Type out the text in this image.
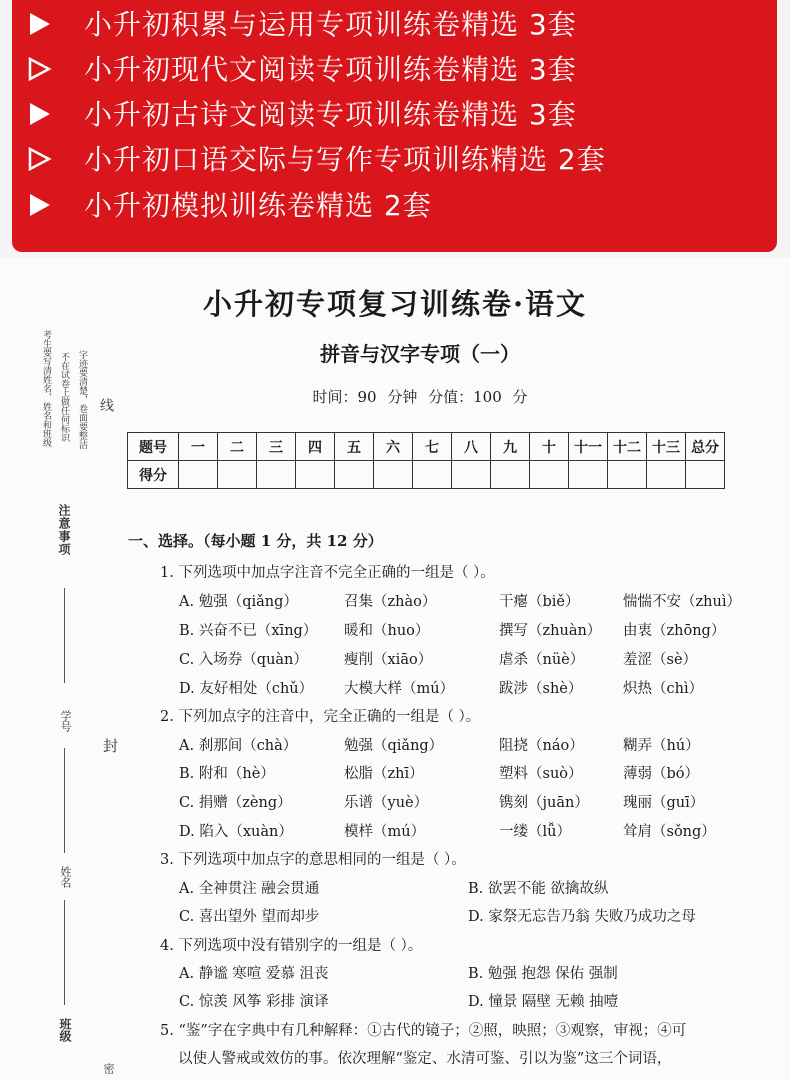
小升初积累与运用专项训练卷精选 3套
小升初现代文阅读专项训练卷精选 3套
小升初古诗文阅读专项训练卷精选 3套
小升初口语交际与写作专项训练精选 2套
小升初模拟训练卷精选 2套
小升初专项复习训练卷·语文
拼音与汉字专项（一）
时间：90 分钟 分值：100 分
题号	一	二	三	四	五	六	七	八	九	十	十一	十二	十三	总分
得分														
考生要写清姓名、姓名和班级 不在试卷上做任何标识 字迹要清楚，卷面要整洁 线
注意事项
学号
封
姓名
班级
密
一、选择。（每小题 1 分，共 12 分）
1. 下列选项中加点字注音不完全正确的一组是（ ）。
A. 勉强（qiǎng）	召集（zhào）	干瘪（biě）	惴惴不安（zhuì）
B. 兴奋不已（xīng） 暖和（huo）	撰写（zhuàn） 由衷（zhōng）
C. 入场券（quàn） 瘦削（xiāo）	虐杀（nüè）	羞涩（sè）
D. 友好相处（chǔ） 大模大样（mú）	跋涉（shè）	炽热（chì）
2. 下列加点字的注音中，完全正确的一组是（ ）。
A. 刹那间（chà）	勉强（qiǎng）	阻挠（náo）	糊弄（hú）
B. 附和（hè）	松脂（zhī）	塑料（suò）	薄弱（bó）
C. 捐赠（zèng）	乐谱（yuè）	镌刻（juān） 瑰丽（guī）
D. 陷入（xuàn）	模样（mú）	一缕（lǚ）	耸肩（sǒng）
3. 下列选项中加点字的意思相同的一组是（ ）。
A. 全神贯注 融会贯通	B. 欲罢不能 欲擒故纵
C. 喜出望外 望而却步	D. 家祭无忘告乃翁 失败乃成功之母
4. 下列选项中没有错别字的一组是（ ）。
A. 静谧 寒喧 爱慕 沮丧	B. 勉强 抱怨 保佑 强制
C. 惊羡 风筝 彩排 演译	D. 憧景 隔壁 无赖 抽噎
5. “鉴”字在字典中有几种解释：①古代的镜子；②照，映照；③观察，审视；④可
以使人警戒或效仿的事。依次理解“鉴定、水清可鉴、引以为鉴”这三个词语，
